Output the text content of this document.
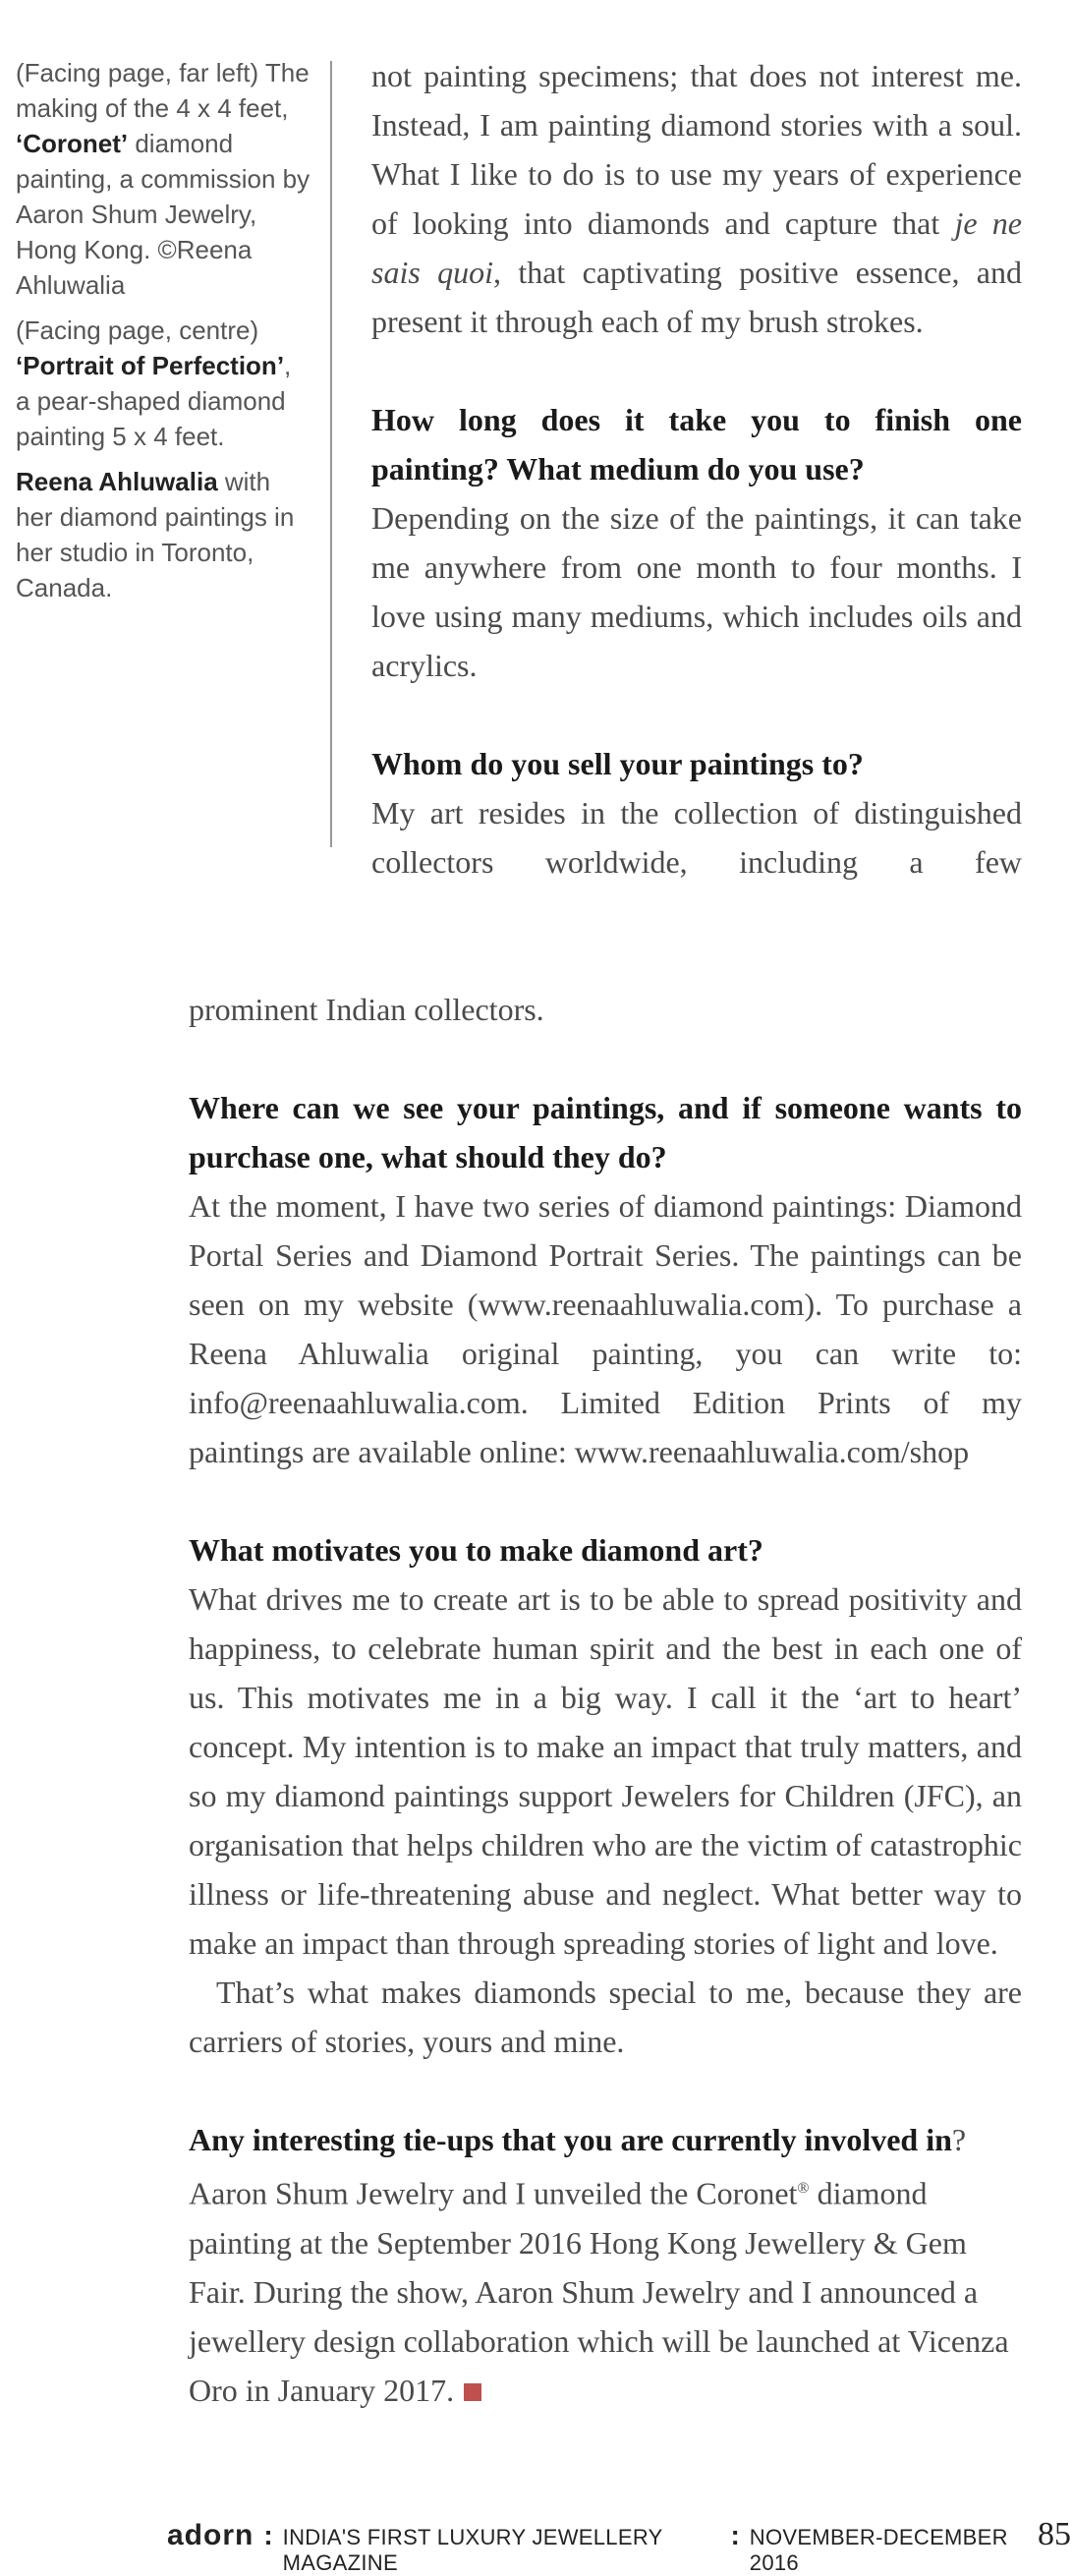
(Facing page, far left) The making of the 4 x 4 feet, ‘Coronet’ diamond painting, a commission by Aaron Shum Jewelry, Hong Kong. ©Reena Ahluwalia

(Facing page, centre) ‘Portrait of Perfection’, a pear-shaped diamond painting 5 x 4 feet.

Reena Ahluwalia with her diamond paintings in her studio in Toronto, Canada.

not painting specimens; that does not interest me. Instead, I am painting diamond stories with a soul. What I like to do is to use my years of experience of looking into diamonds and capture that je ne sais quoi, that captivating positive essence, and present it through each of my brush strokes.

How long does it take you to finish one painting? What medium do you use?

Depending on the size of the paintings, it can take me anywhere from one month to four months. I love using many mediums, which includes oils and acrylics.

Whom do you sell your paintings to?

My art resides in the collection of distinguished collectors worldwide, including a few

prominent Indian collectors.

Where can we see your paintings, and if someone wants to purchase one, what should they do?

At the moment, I have two series of diamond paintings: Diamond Portal Series and Diamond Portrait Series. The paintings can be seen on my website (www.reenaahluwalia.com). To purchase a Reena Ahluwalia original painting, you can write to: info@reenaahluwalia.com. Limited Edition Prints of my paintings are available online: www.reenaahluwalia.com/shop

What motivates you to make diamond art?

What drives me to create art is to be able to spread positivity and happiness, to celebrate human spirit and the best in each one of us. This motivates me in a big way. I call it the ‘art to heart’ concept. My intention is to make an impact that truly matters, and so my diamond paintings support Jewelers for Children (JFC), an organisation that helps children who are the victim of catastrophic illness or life-threatening abuse and neglect. What better way to make an impact than through spreading stories of light and love.

That’s what makes diamonds special to me, because they are carriers of stories, yours and mine.

Any interesting tie-ups that you are currently involved in?

Aaron Shum Jewelry and I unveiled the Coronet® diamond painting at the September 2016 Hong Kong Jewellery & Gem Fair. During the show, Aaron Shum Jewelry and I announced a jewellery design collaboration which will be launched at Vicenza Oro in January 2017.

adorn : INDIA'S FIRST LUXURY JEWELLERY MAGAZINE
: NOVEMBER-DECEMBER 2016
85
